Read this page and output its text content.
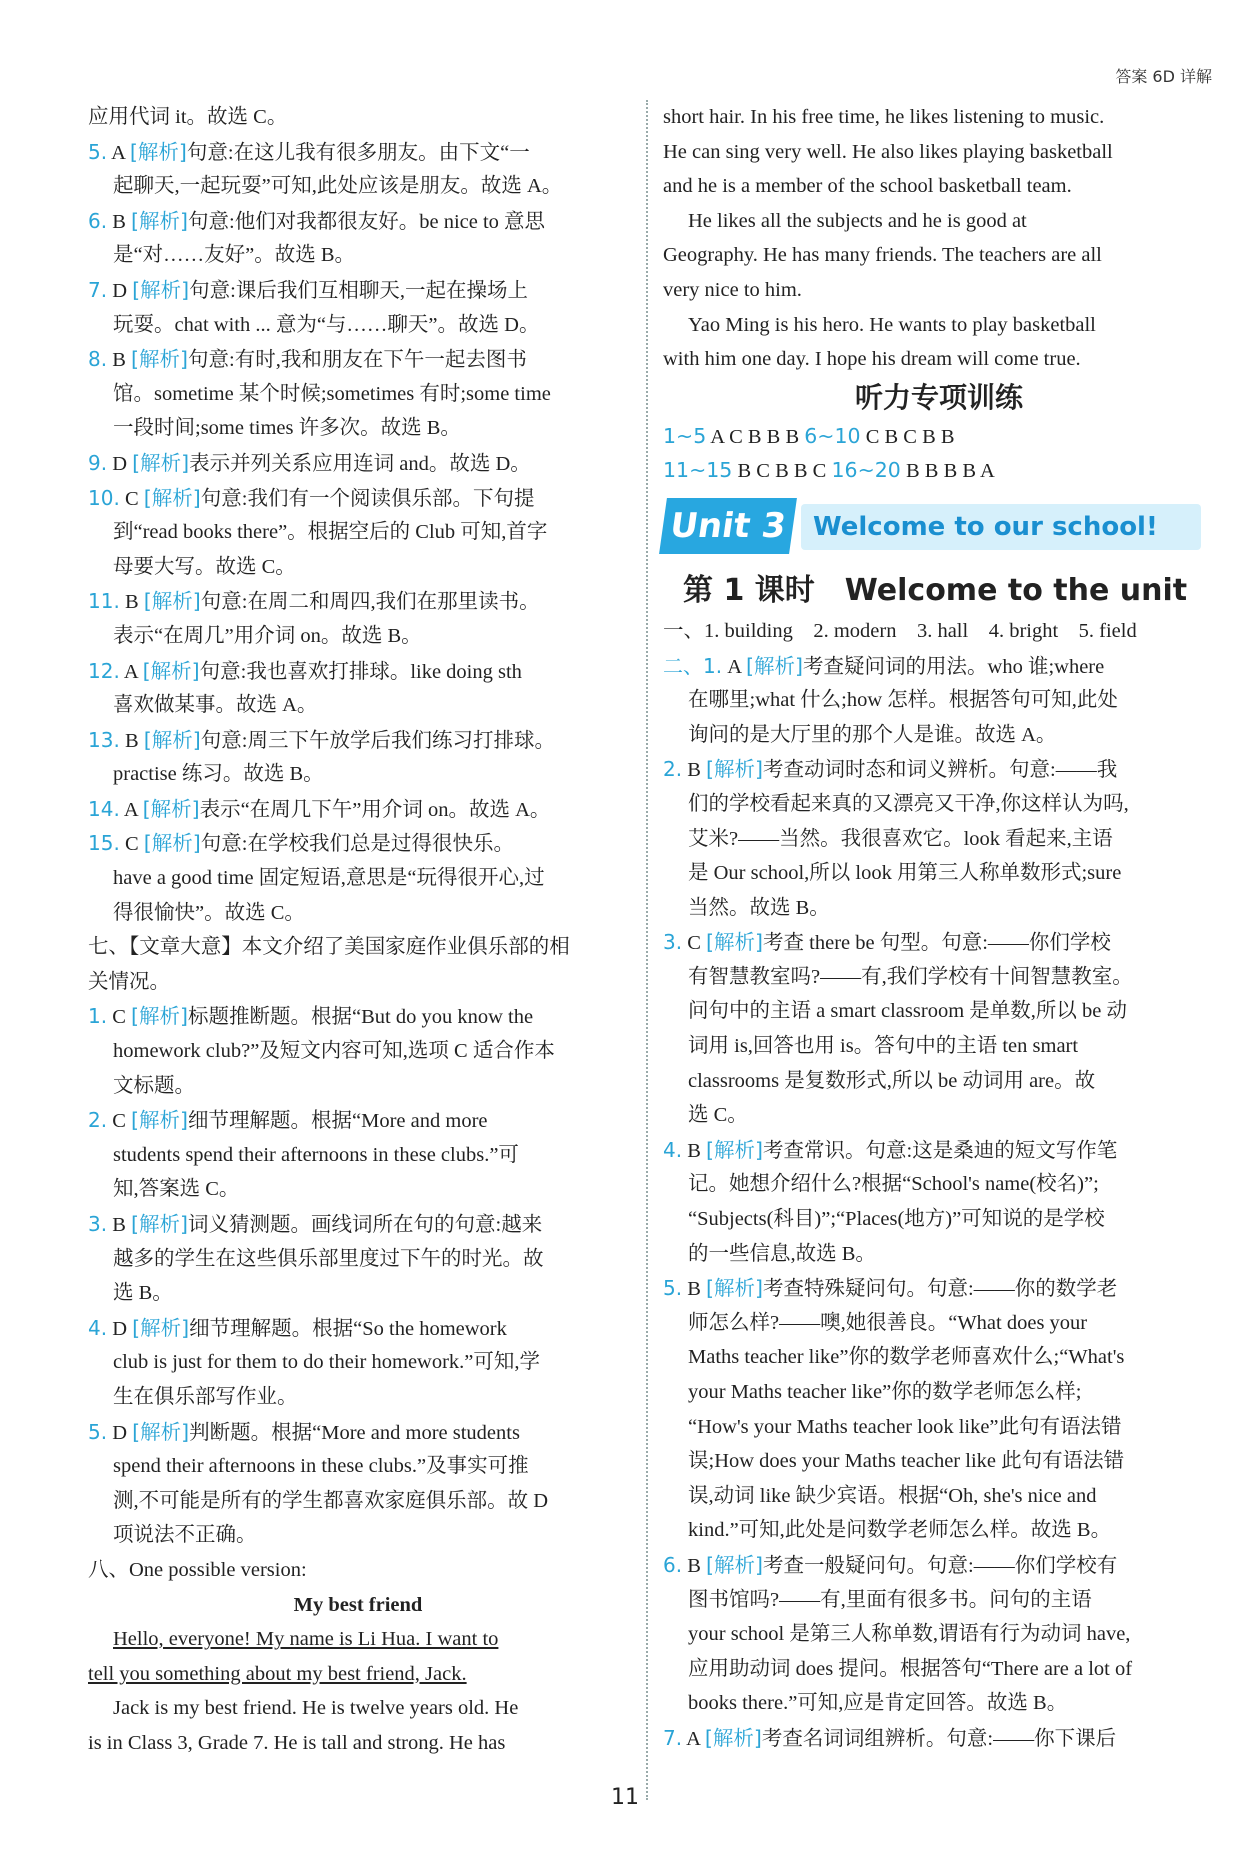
答案 6D 详解
应用代词 it。故选 C。
5. A [解析]句意:在这儿我有很多朋友。由下文“一
起聊天,一起玩耍”可知,此处应该是朋友。故选 A。
6. B [解析]句意:他们对我都很友好。be nice to 意思
是“对……友好”。故选 B。
7. D [解析]句意:课后我们互相聊天,一起在操场上
玩耍。chat with ... 意为“与……聊天”。故选 D。
8. B [解析]句意:有时,我和朋友在下午一起去图书
馆。sometime 某个时候;sometimes 有时;some time
一段时间;some times 许多次。故选 B。
9. D [解析]表示并列关系应用连词 and。故选 D。
10. C [解析]句意:我们有一个阅读俱乐部。下句提
到“read books there”。根据空后的 Club 可知,首字
母要大写。故选 C。
11. B [解析]句意:在周二和周四,我们在那里读书。
表示“在周几”用介词 on。故选 B。
12. A [解析]句意:我也喜欢打排球。like doing sth
喜欢做某事。故选 A。
13. B [解析]句意:周三下午放学后我们练习打排球。
practise 练习。故选 B。
14. A [解析]表示“在周几下午”用介词 on。故选 A。
15. C [解析]句意:在学校我们总是过得很快乐。
have a good time 固定短语,意思是“玩得很开心,过
得很愉快”。故选 C。
七、【文章大意】本文介绍了美国家庭作业俱乐部的相
关情况。
1. C [解析]标题推断题。根据“But do you know the
homework club?”及短文内容可知,选项 C 适合作本
文标题。
2. C [解析]细节理解题。根据“More and more
students spend their afternoons in these clubs.”可
知,答案选 C。
3. B [解析]词义猜测题。画线词所在句的句意:越来
越多的学生在这些俱乐部里度过下午的时光。故
选 B。
4. D [解析]细节理解题。根据“So the homework
club is just for them to do their homework.”可知,学
生在俱乐部写作业。
5. D [解析]判断题。根据“More and more students
spend their afternoons in these clubs.”及事实可推
测,不可能是所有的学生都喜欢家庭俱乐部。故 D
项说法不正确。
八、One possible version:
My best friend
Hello, everyone! My name is Li Hua. I want to
tell you something about my best friend, Jack.
Jack is my best friend. He is twelve years old. He
is in Class 3, Grade 7. He is tall and strong. He has
short hair. In his free time, he likes listening to music.
He can sing very well. He also likes playing basketball
and he is a member of the school basketball team.
He likes all the subjects and he is good at
Geography. He has many friends. The teachers are all
very nice to him.
Yao Ming is his hero. He wants to play basketball
with him one day. I hope his dream will come true.
听力专项训练
1~5 A C B B B 6~10 C B C B B
11~15 B C B B C 16~20 B B B B A
Unit 3 Welcome to our school!
第 1 课时　Welcome to the unit
一、1. building　2. modern　3. hall　4. bright　5. field
二、1. A [解析]考查疑问词的用法。who 谁;where
在哪里;what 什么;how 怎样。根据答句可知,此处
询问的是大厅里的那个人是谁。故选 A。
2. B [解析]考查动词时态和词义辨析。句意:——我
们的学校看起来真的又漂亮又干净,你这样认为吗,
艾米?——当然。我很喜欢它。look 看起来,主语
是 Our school,所以 look 用第三人称单数形式;sure
当然。故选 B。
3. C [解析]考查 there be 句型。句意:——你们学校
有智慧教室吗?——有,我们学校有十间智慧教室。
问句中的主语 a smart classroom 是单数,所以 be 动
词用 is,回答也用 is。答句中的主语 ten smart
classrooms 是复数形式,所以 be 动词用 are。故
选 C。
4. B [解析]考查常识。句意:这是桑迪的短文写作笔
记。她想介绍什么?根据“School's name(校名)”;
“Subjects(科目)”;“Places(地方)”可知说的是学校
的一些信息,故选 B。
5. B [解析]考查特殊疑问句。句意:——你的数学老
师怎么样?——噢,她很善良。“What does your
Maths teacher like”你的数学老师喜欢什么;“What's
your Maths teacher like”你的数学老师怎么样;
“How's your Maths teacher look like”此句有语法错
误;How does your Maths teacher like 此句有语法错
误,动词 like 缺少宾语。根据“Oh, she's nice and
kind.”可知,此处是问数学老师怎么样。故选 B。
6. B [解析]考查一般疑问句。句意:——你们学校有
图书馆吗?——有,里面有很多书。问句的主语
your school 是第三人称单数,谓语有行为动词 have,
应用助动词 does 提问。根据答句“There are a lot of
books there.”可知,应是肯定回答。故选 B。
7. A [解析]考查名词词组辨析。句意:——你下课后
11
